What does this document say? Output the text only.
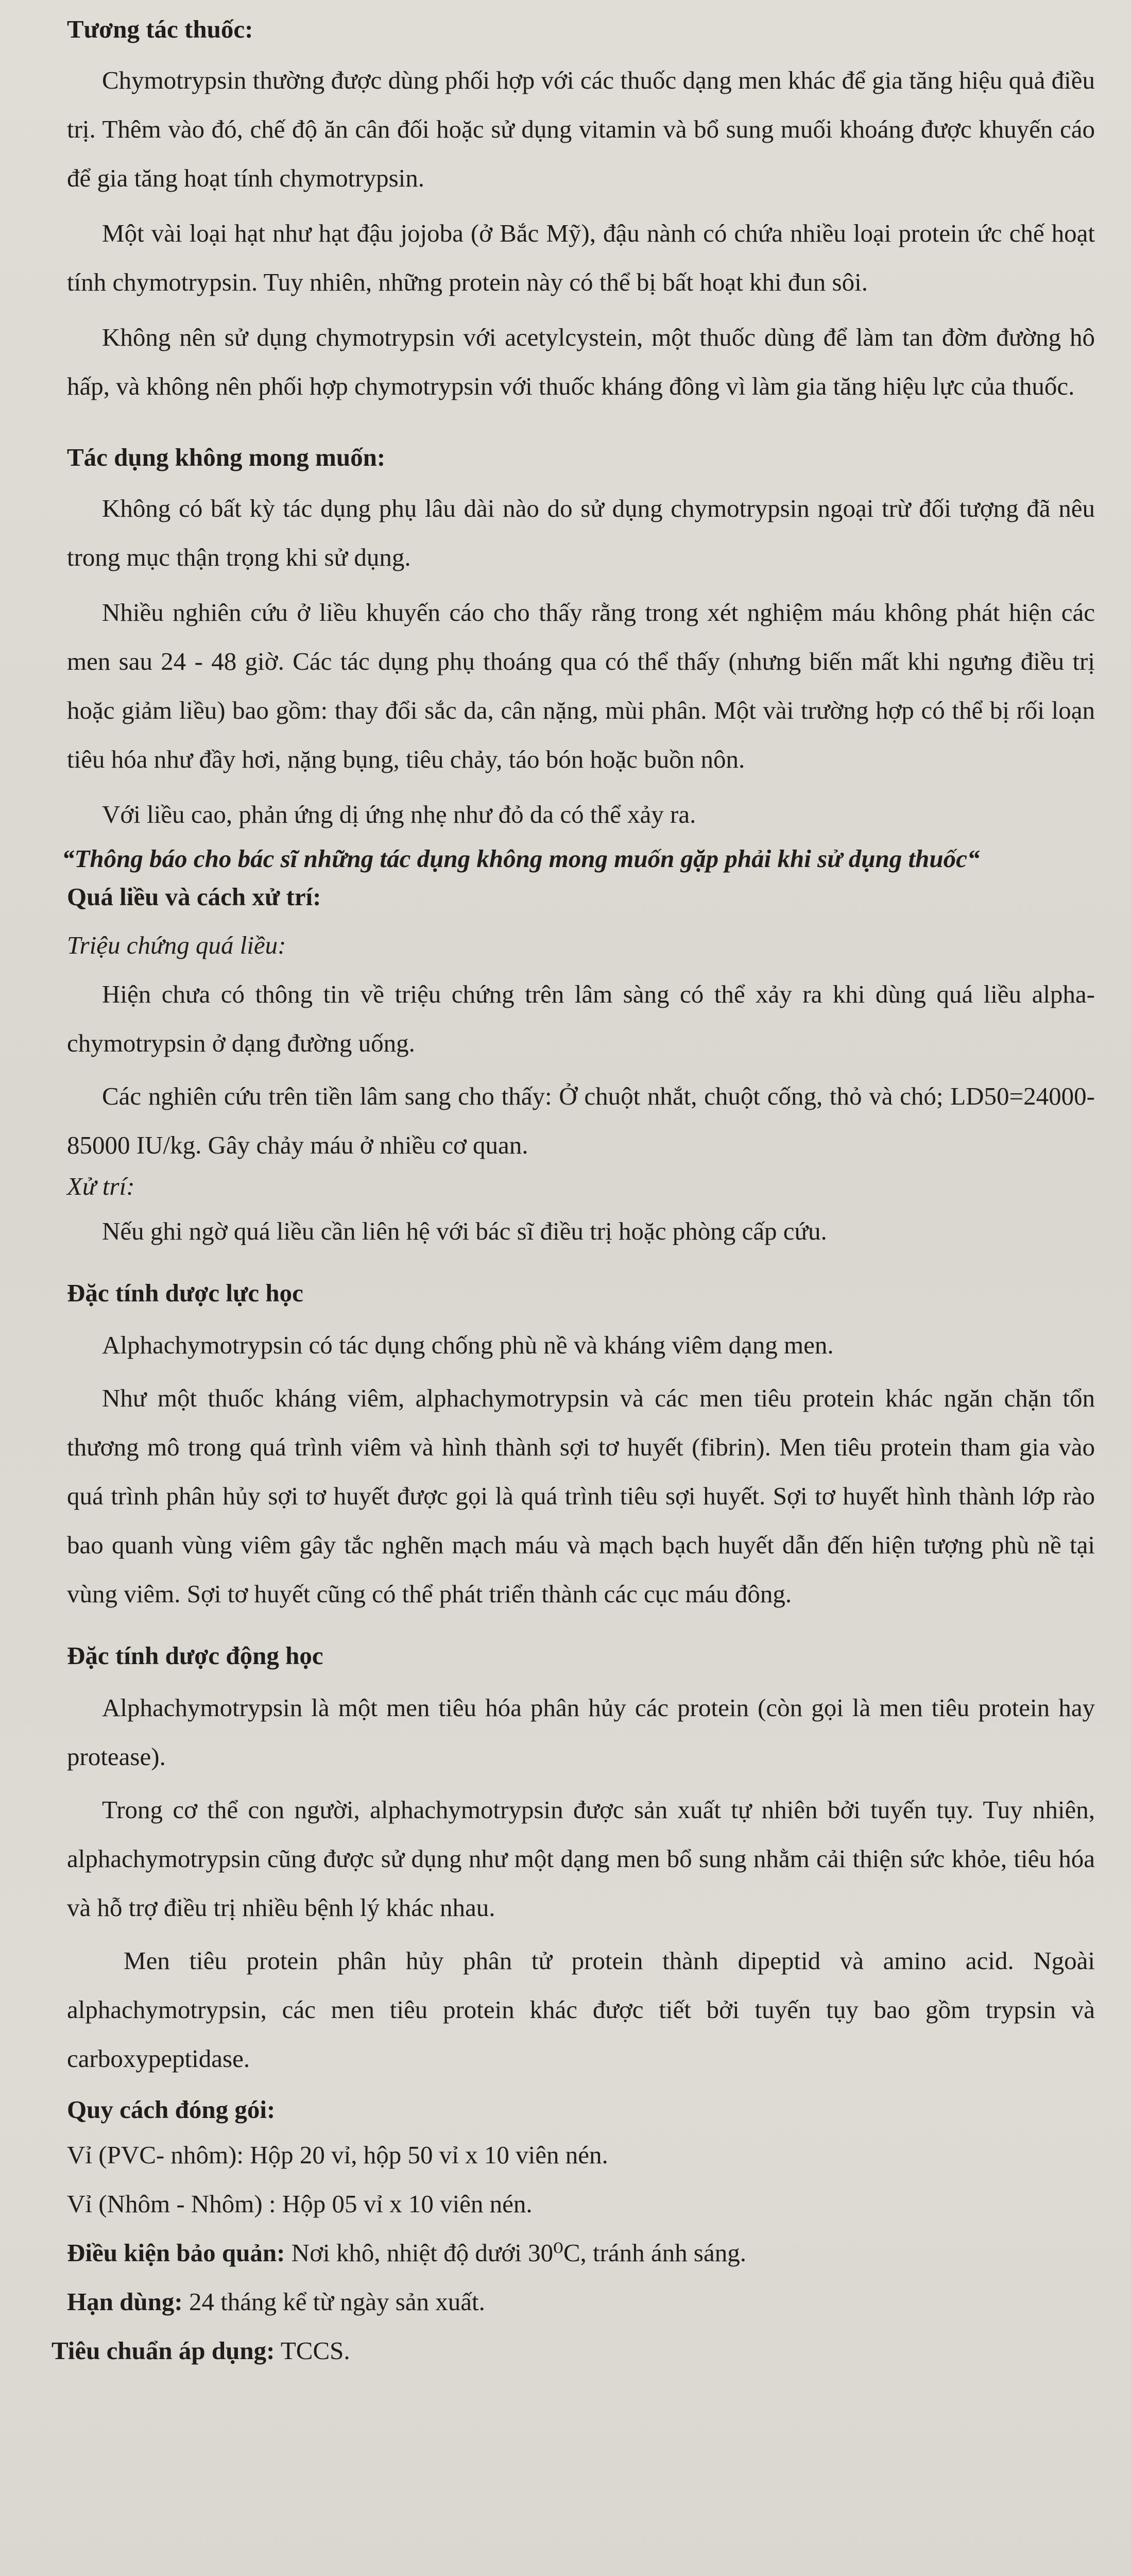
Tương tác thuốc:

Chymotrypsin thường được dùng phối hợp với các thuốc dạng men khác để gia tăng hiệu quả điều trị. Thêm vào đó, chế độ ăn cân đối hoặc sử dụng vitamin và bổ sung muối khoáng được khuyến cáo để gia tăng hoạt tính chymotrypsin.

Một vài loại hạt như hạt đậu jojoba (ở Bắc Mỹ), đậu nành có chứa nhiều loại protein ức chế hoạt tính chymotrypsin. Tuy nhiên, những protein này có thể bị bất hoạt khi đun sôi.

Không nên sử dụng chymotrypsin với acetylcystein, một thuốc dùng để làm tan đờm đường hô hấp, và không nên phối hợp chymotrypsin với thuốc kháng đông vì làm gia tăng hiệu lực của thuốc.

Tác dụng không mong muốn:

Không có bất kỳ tác dụng phụ lâu dài nào do sử dụng chymotrypsin ngoại trừ đối tượng đã nêu trong mục thận trọng khi sử dụng.

Nhiều nghiên cứu ở liều khuyến cáo cho thấy rằng trong xét nghiệm máu không phát hiện các men sau 24 - 48 giờ. Các tác dụng phụ thoáng qua có thể thấy (nhưng biến mất khi ngưng điều trị hoặc giảm liều) bao gồm: thay đổi sắc da, cân nặng, mùi phân. Một vài trường hợp có thể bị rối loạn tiêu hóa như đầy hơi, nặng bụng, tiêu chảy, táo bón hoặc buồn nôn.

Với liều cao, phản ứng dị ứng nhẹ như đỏ da có thể xảy ra.

“Thông báo cho bác sĩ những tác dụng không mong muốn gặp phải khi sử dụng thuốc“

Quá liều và cách xử trí:

Triệu chứng quá liều:

Hiện chưa có thông tin về triệu chứng trên lâm sàng có thể xảy ra khi dùng quá liều alpha-chymotrypsin ở dạng đường uống.

Các nghiên cứu trên tiền lâm sang cho thấy: Ở chuột nhắt, chuột cống, thỏ và chó; LD50=24000-85000 IU/kg. Gây chảy máu ở nhiều cơ quan.

Xử trí:

Nếu ghi ngờ quá liều cần liên hệ với bác sĩ điều trị hoặc phòng cấp cứu.

Đặc tính dược lực học

Alphachymotrypsin có tác dụng chống phù nề và kháng viêm dạng men.

Như một thuốc kháng viêm, alphachymotrypsin và các men tiêu protein khác ngăn chặn tổn thương mô trong quá trình viêm và hình thành sợi tơ huyết (fibrin). Men tiêu protein tham gia vào quá trình phân hủy sợi tơ huyết được gọi là quá trình tiêu sợi huyết. Sợi tơ huyết hình thành lớp rào bao quanh vùng viêm gây tắc nghẽn mạch máu và mạch bạch huyết dẫn đến hiện tượng phù nề tại vùng viêm. Sợi tơ huyết cũng có thể phát triển thành các cục máu đông.

Đặc tính dược động học

Alphachymotrypsin là một men tiêu hóa phân hủy các protein (còn gọi là men tiêu protein hay protease).

Trong cơ thể con người, alphachymotrypsin được sản xuất tự nhiên bởi tuyến tụy. Tuy nhiên, alphachymotrypsin cũng được sử dụng như một dạng men bổ sung nhằm cải thiện sức khỏe, tiêu hóa và hỗ trợ điều trị nhiều bệnh lý khác nhau.

Men tiêu protein phân hủy phân tử protein thành dipeptid và amino acid. Ngoài alphachymotrypsin, các men tiêu protein khác được tiết bởi tuyến tụy bao gồm trypsin và carboxypeptidase.

Quy cách đóng gói:

Vỉ (PVC- nhôm): Hộp 20 vỉ, hộp 50 vỉ x 10 viên nén.

Vỉ (Nhôm - Nhôm) : Hộp 05 vỉ x 10 viên nén.

Điều kiện bảo quản: Nơi khô, nhiệt độ dưới 30⁰C, tránh ánh sáng.

Hạn dùng: 24 tháng kể từ ngày sản xuất.

Tiêu chuẩn áp dụng: TCCS.
